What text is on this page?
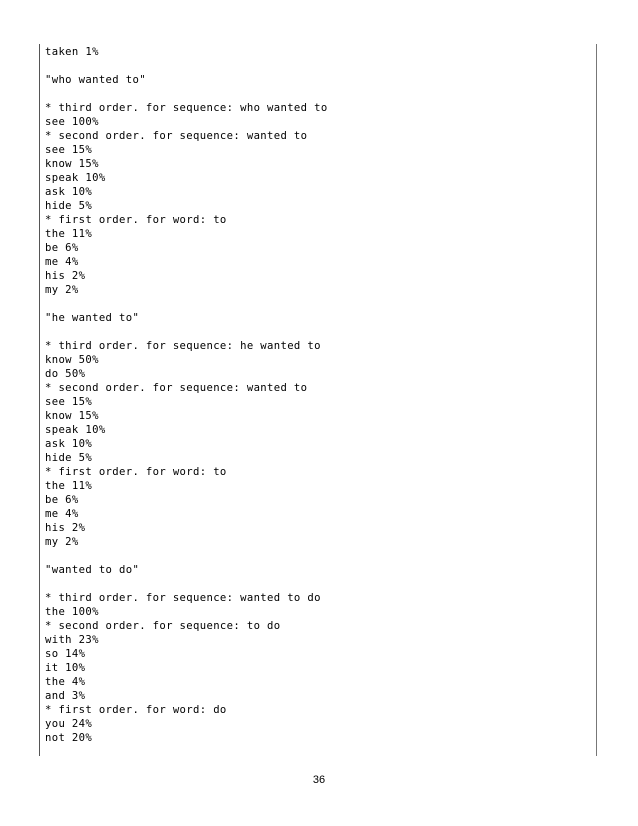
taken 1%
"who wanted to"
* third order. for sequence: who wanted to
see 100%
* second order. for sequence: wanted to
see 15%
know 15%
speak 10%
ask 10%
hide 5%
* first order. for word: to
the 11%
be 6%
me 4%
his 2%
my 2%
"he wanted to"
* third order. for sequence: he wanted to
know 50%
do 50%
* second order. for sequence: wanted to
see 15%
know 15%
speak 10%
ask 10%
hide 5%
* first order. for word: to
the 11%
be 6%
me 4%
his 2%
my 2%
"wanted to do"
* third order. for sequence: wanted to do
the 100%
* second order. for sequence: to do
with 23%
so 14%
it 10%
the 4%
and 3%
* first order. for word: do
you 24%
not 20%
36
